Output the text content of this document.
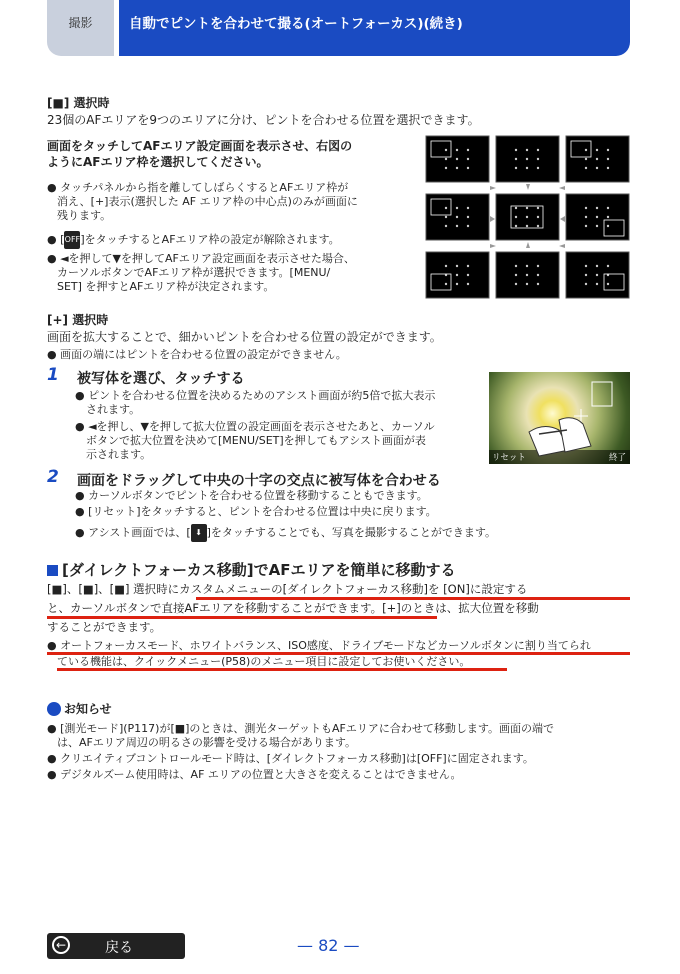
撮影	自動でピントを合わせて撮る(オートフォーカス)(続き)
[■] 選択時
23個のAFエリアを9つのエリアに分け、ピントを合わせる位置を選択できます。
画面をタッチしてAFエリア設定画面を表示させ、右図の
ようにAFエリア枠を選択してください。
● タッチパネルから指を離してしばらくするとAFエリア枠が
消え、[+]表示(選択した AF エリア枠の中心点)のみが画面に
残ります。
● [OFF]をタッチするとAFエリア枠の設定が解除されます。
● ◄を押して▼を押してAFエリア設定画面を表示させた場合、
カーソルボタンでAFエリア枠が選択できます。[MENU/
SET] を押すとAFエリア枠が決定されます。
[+] 選択時
画面を拡大することで、細かいピントを合わせる位置の設定ができます。
● 画面の端にはピントを合わせる位置の設定ができません。
1 被写体を選び、タッチする
● ピントを合わせる位置を決めるためのアシスト画面が約5倍で拡大表示
されます。
● ◄を押し、▼を押して拡大位置の設定画面を表示させたあと、カーソル
ボタンで拡大位置を決めて[MENU/SET]を押してもアシスト画面が表
示されます。	リセット	終了
2 画面をドラッグして中央の十字の交点に被写体を合わせる
● カーソルボタンでピントを合わせる位置を移動することもできます。
● [リセット]をタッチすると、ピントを合わせる位置は中央に戻ります。
● アシスト画面では、[ ⬇ ]をタッチすることでも、写真を撮影することができます。
[ダイレクトフォーカス移動]でAFエリアを簡単に移動する
[■]、[■]、[■] 選択時にカスタムメニューの[ダイレクトフォーカス移動]を [ON]に設定する
と、カーソルボタンで直接AFエリアを移動することができます。[+]のときは、拡大位置を移動
することができます。
● オートフォーカスモード、ホワイトバランス、ISO感度、ドライブモードなどカーソルボタンに割り当てられ
ている機能は、クイックメニュー(P58)のメニュー項目に設定してお使いください。
お知らせ
● [測光モード](P117)が[■]のときは、測光ターゲットもAFエリアに合わせて移動します。画面の端で
は、AFエリア周辺の明るさの影響を受ける場合があります。
● クリエイティブコントロールモード時は、[ダイレクトフォーカス移動]は[OFF]に固定されます。
● デジタルズーム使用時は、AF エリアの位置と大きさを変えることはできません。
←	戻る	— 82 —
